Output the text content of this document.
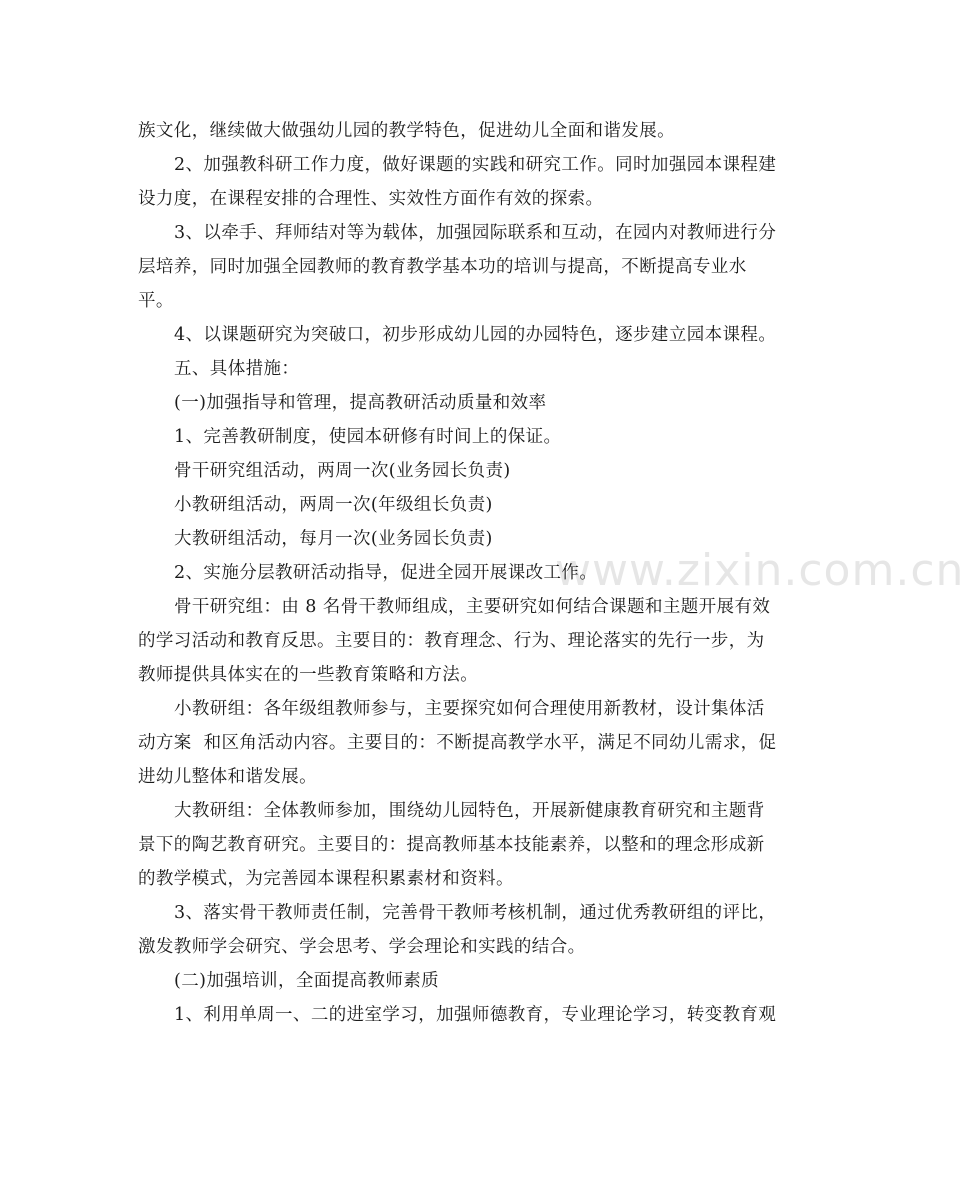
www.zixin.com.cn
族文化，继续做大做强幼儿园的教学特色，促进幼儿全面和谐发展。
2、加强教科研工作力度，做好课题的实践和研究工作。同时加强园本课程建
设力度，在课程安排的合理性、实效性方面作有效的探索。
3、以牵手、拜师结对等为载体，加强园际联系和互动，在园内对教师进行分
层培养，同时加强全园教师的教育教学基本功的培训与提高，不断提高专业水
平。
4、以课题研究为突破口，初步形成幼儿园的办园特色，逐步建立园本课程。
五、具体措施：
(一)加强指导和管理，提高教研活动质量和效率
1、完善教研制度，使园本研修有时间上的保证。
骨干研究组活动，两周一次(业务园长负责)
小教研组活动，两周一次(年级组长负责)
大教研组活动，每月一次(业务园长负责)
2、实施分层教研活动指导，促进全园开展课改工作。
骨干研究组：由 8 名骨干教师组成，主要研究如何结合课题和主题开展有效
的学习活动和教育反思。主要目的：教育理念、行为、理论落实的先行一步，为
教师提供具体实在的一些教育策略和方法。
小教研组：各年级组教师参与，主要探究如何合理使用新教材，设计集体活
动方案  和区角活动内容。主要目的：不断提高教学水平，满足不同幼儿需求，促
进幼儿整体和谐发展。
大教研组：全体教师参加，围绕幼儿园特色，开展新健康教育研究和主题背
景下的陶艺教育研究。主要目的：提高教师基本技能素养，以整和的理念形成新
的教学模式，为完善园本课程积累素材和资料。
3、落实骨干教师责任制，完善骨干教师考核机制，通过优秀教研组的评比，
激发教师学会研究、学会思考、学会理论和实践的结合。
(二)加强培训，全面提高教师素质
1、利用单周一、二的进室学习，加强师德教育，专业理论学习，转变教育观
